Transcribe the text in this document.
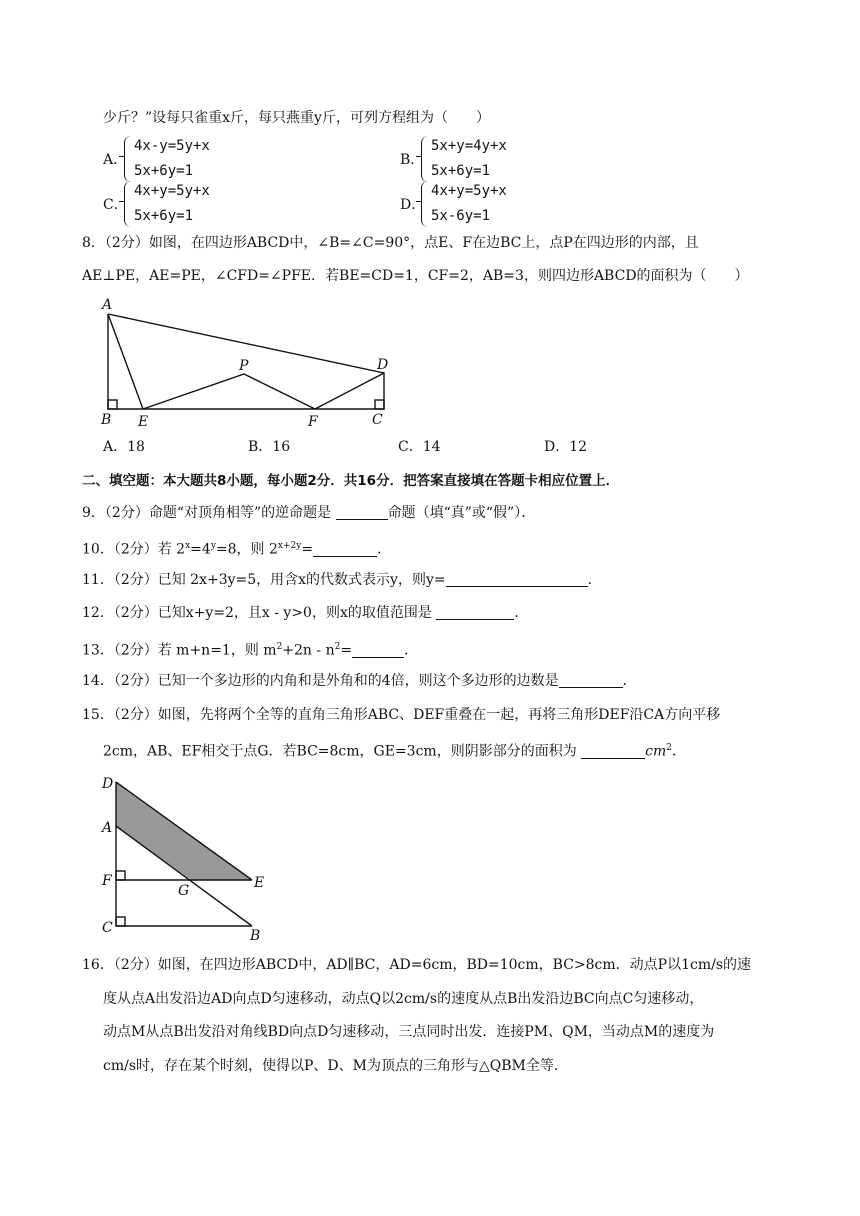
少斤？”设每只雀重x斤，每只燕重y斤，可列方程组为（　　）
A．
4x-y=5y+x
5x+6y=1
B．
5x+y=4y+x
5x+6y=1
C．
4x+y=5y+x
5x+6y=1
D．
4x+y=5y+x
5x-6y=1
8．（2分）如图，在四边形ABCD中，∠B=∠C=90°，点E、F在边BC上，点P在四边形的内部，且
AE⊥PE，AE=PE，∠CFD=∠PFE．若BE=CD=1，CF=2，AB=3，则四边形ABCD的面积为（　　）
A
B E
P
F
D
C
A．18	B．16	C．14	D．12
二、填空题：本大题共8小题，每小题2分．共16分．把答案直接填在答题卡相应位置上．
9．（2分）命题“对顶角相等”的逆命题是	命题（填“真”或“假”）．
10．（2分）若 $2^x=4^y=8$，则 $2^{x+2y}=$	．
11．（2分）已知 2x+3y=5，用含x的代数式表示y，则y=	．
12．（2分）已知x+y=2，且x - y>0，则x的取值范围是	．
13．（2分）若 m+n=1，则 $m^2+2n - n^2=$	．
14．（2分）已知一个多边形的内角和是外角和的4倍，则这个多边形的边数是	．
15．（2分）如图，先将两个全等的直角三角形ABC、DEF重叠在一起，再将三角形DEF沿CA方向平移
2cm，AB、EF相交于点G．若BC=8cm，GE=3cm，则阴影部分的面积为	$cm^2$．
D
A
F
G	E
C	B
16．（2分）如图，在四边形ABCD中，AD∥BC，AD=6cm，BD=10cm，BC>8cm．动点P以1cm/s的速
度从点A出发沿边AD向点D匀速移动，动点Q以2cm/s的速度从点B出发沿边BC向点C匀速移动，
动点M从点B出发沿对角线BD向点D匀速移动，三点同时出发．连接PM、QM，当动点M的速度为
cm/s时，存在某个时刻，使得以P、D、M为顶点的三角形与△QBM全等．
